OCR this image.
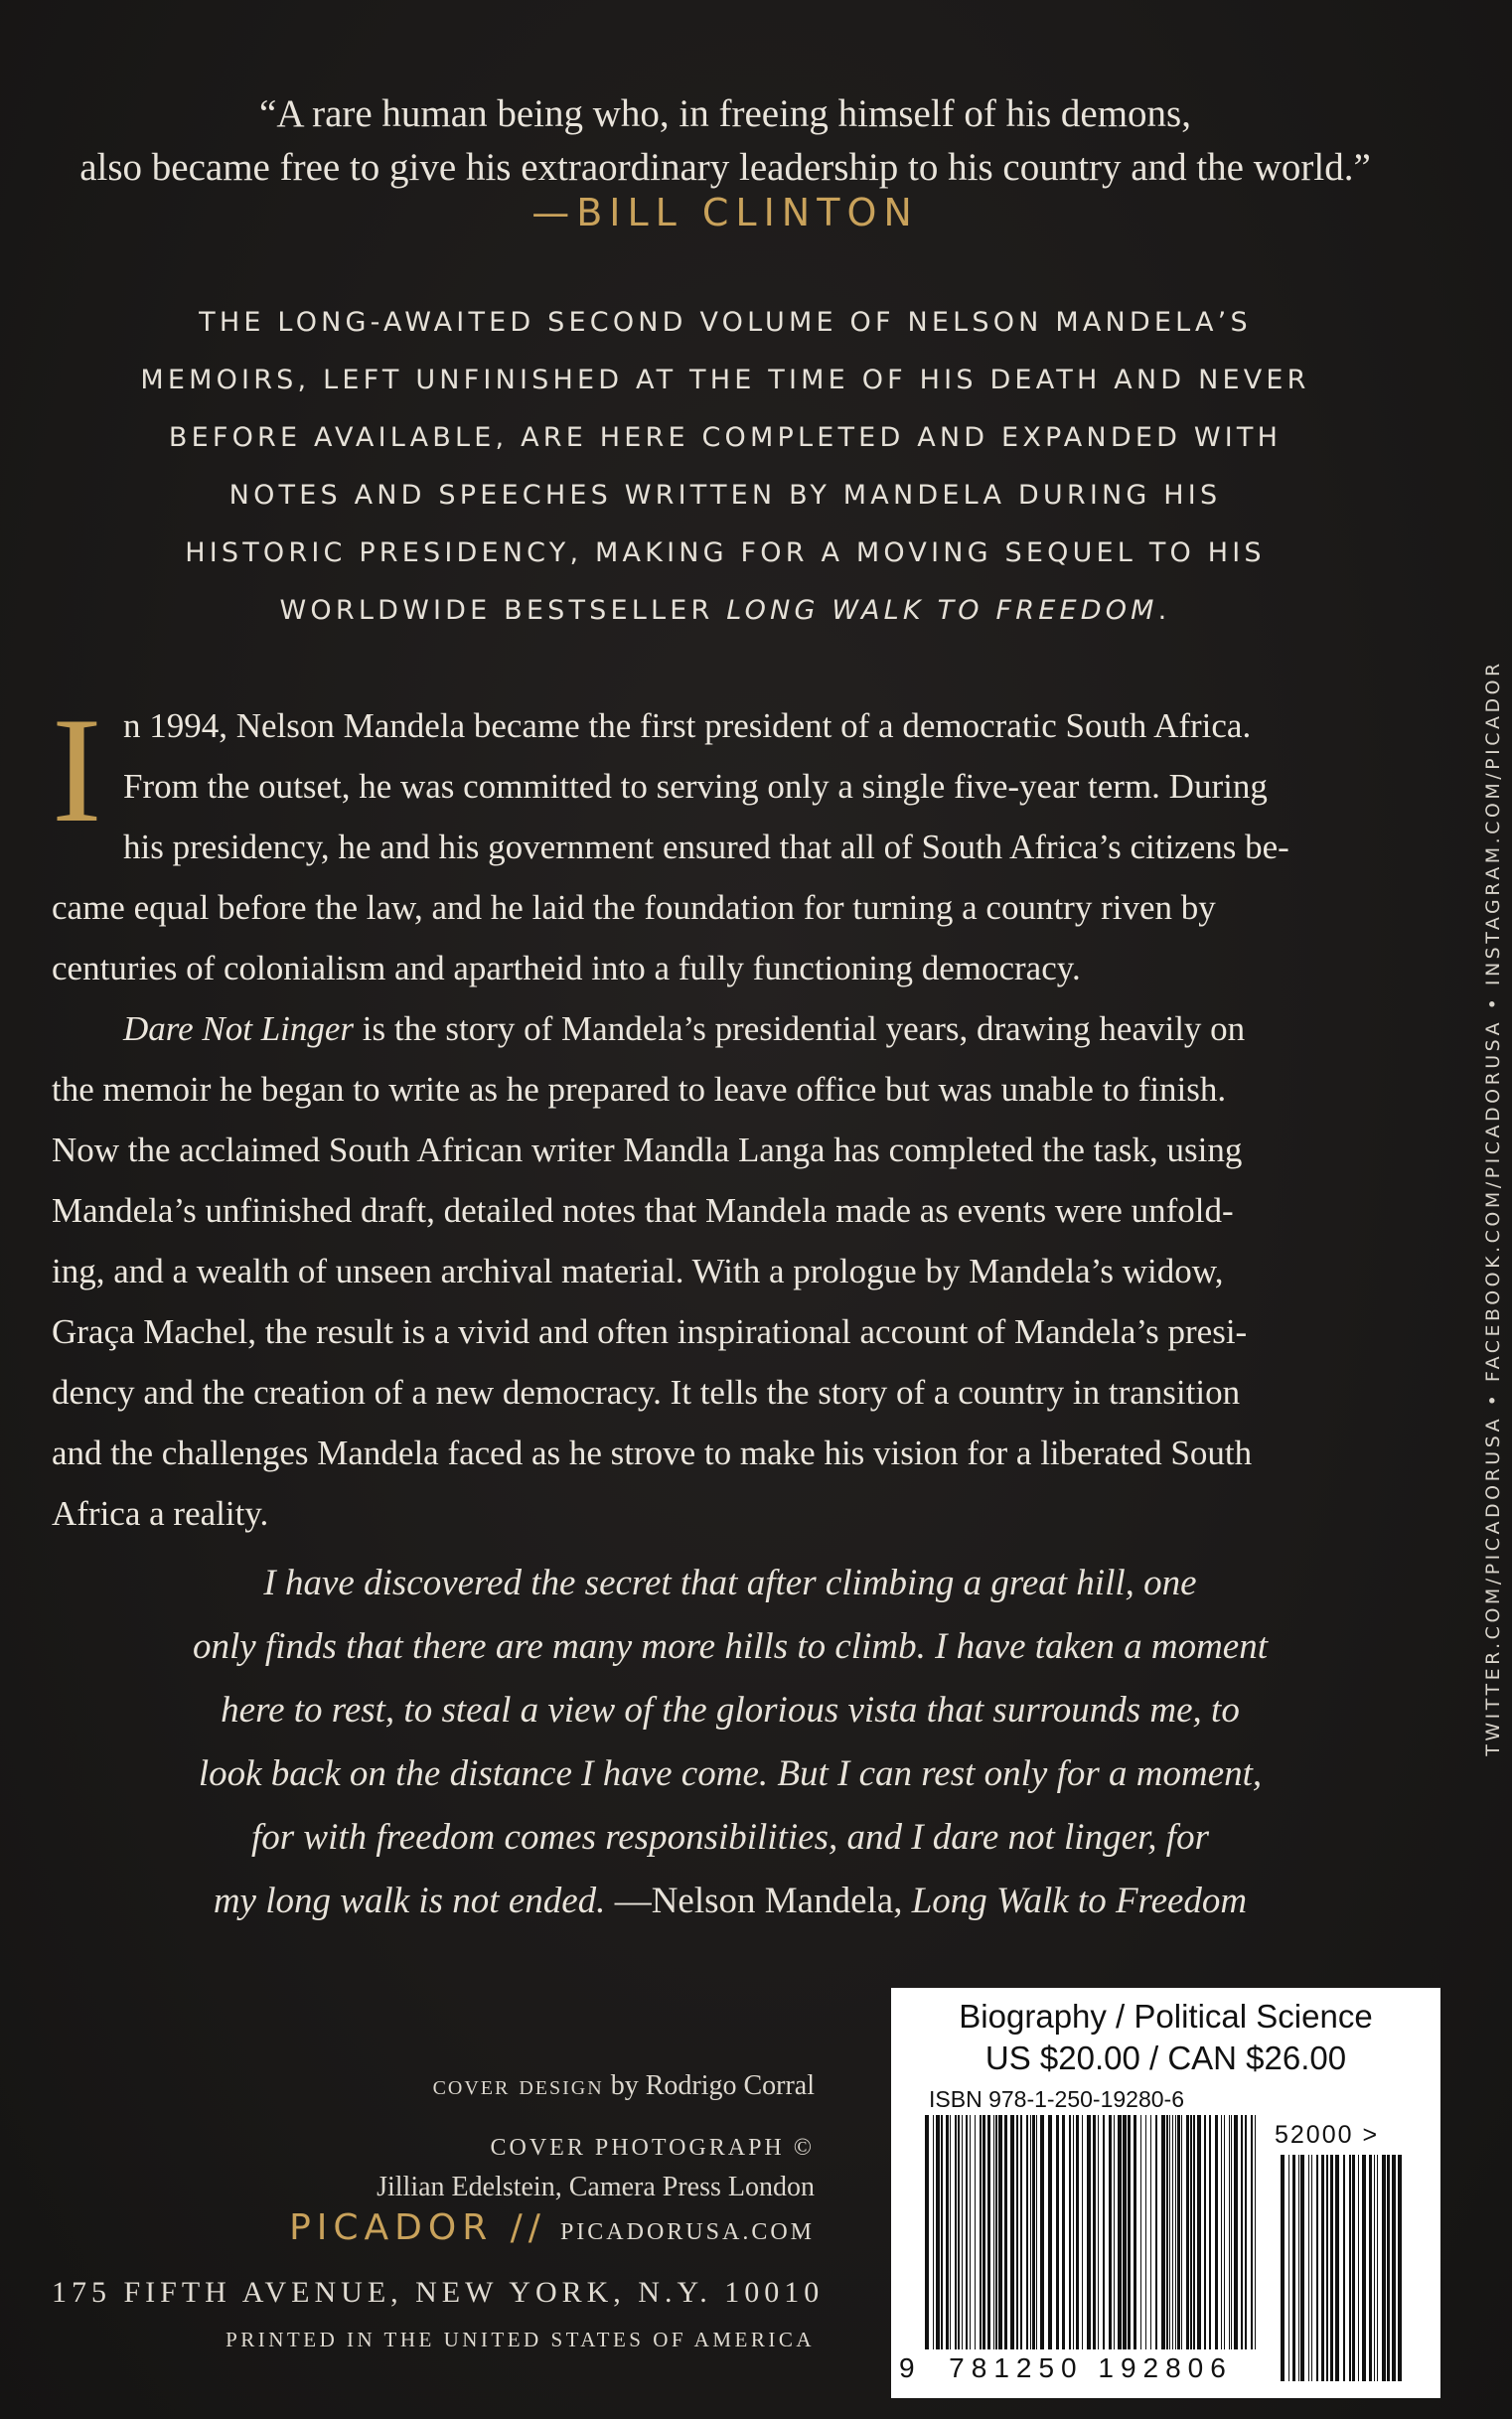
“A rare human being who, in freeing himself of his demons,
also became free to give his extraordinary leadership to his country and the world.”
—BILL CLINTON
THE LONG-AWAITED SECOND VOLUME OF NELSON MANDELA’S
MEMOIRS, LEFT UNFINISHED AT THE TIME OF HIS DEATH AND NEVER
BEFORE AVAILABLE, ARE HERE COMPLETED AND EXPANDED WITH
NOTES AND SPEECHES WRITTEN BY MANDELA DURING HIS
HISTORIC PRESIDENCY, MAKING FOR A MOVING SEQUEL TO HIS
WORLDWIDE BESTSELLER LONG WALK TO FREEDOM.
I n 1994, Nelson Mandela became the first president of a democratic South Africa.
From the outset, he was committed to serving only a single five-year term. During
his presidency, he and his government ensured that all of South Africa’s citizens be-
came equal before the law, and he laid the foundation for turning a country riven by
centuries of colonialism and apartheid into a fully functioning democracy.
Dare Not Linger is the story of Mandela’s presidential years, drawing heavily on
the memoir he began to write as he prepared to leave office but was unable to finish.
Now the acclaimed South African writer Mandla Langa has completed the task, using
Mandela’s unfinished draft, detailed notes that Mandela made as events were unfold-
ing, and a wealth of unseen archival material. With a prologue by Mandela’s widow,
Graça Machel, the result is a vivid and often inspirational account of Mandela’s presi-
dency and the creation of a new democracy. It tells the story of a country in transition
and the challenges Mandela faced as he strove to make his vision for a liberated South
Africa a reality.
I have discovered the secret that after climbing a great hill, one
only finds that there are many more hills to climb. I have taken a moment
here to rest, to steal a view of the glorious vista that surrounds me, to
look back on the distance I have come. But I can rest only for a moment,
for with freedom comes responsibilities, and I dare not linger, for
my long walk is not ended. —Nelson Mandela, Long Walk to Freedom
cover design by Rodrigo Corral
COVER PHOTOGRAPH ©
Jillian Edelstein, Camera Press London
PICADOR // PICADORUSA.COM
175 FIFTH AVENUE, NEW YORK, N.Y. 10010
PRINTED IN THE UNITED STATES OF AMERICA
TWITTER.COM/PICADORUSA • FACEBOOK.COM/PICADORUSA • INSTAGRAM.COM/PICADOR
Biography / Political Science
US $20.00 / CAN $26.00
ISBN 978-1-250-19280-6
52000 >
9 781250 192806
